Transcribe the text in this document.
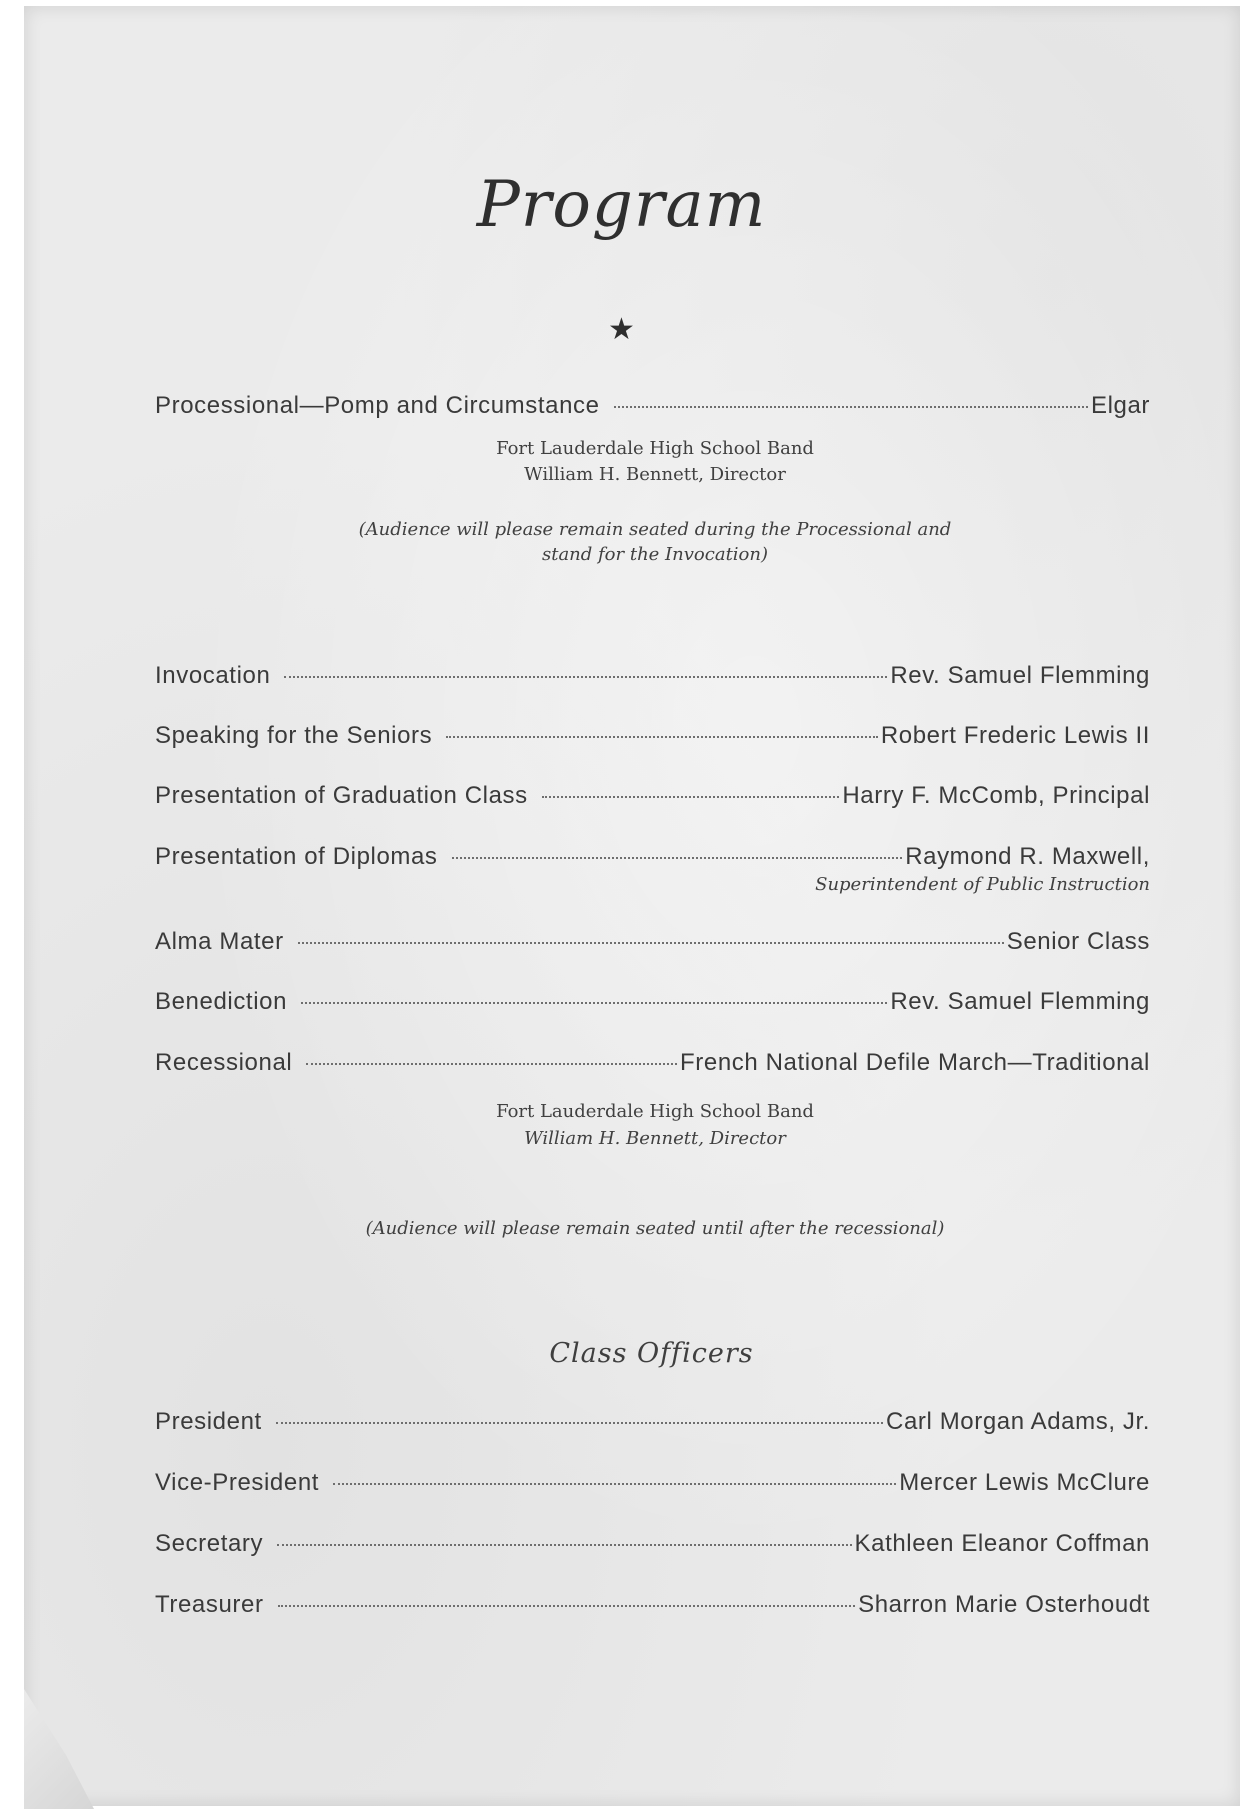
Program
★
Processional—Pomp and Circumstance	Elgar
Fort Lauderdale High School Band
William H. Bennett, Director
(Audience will please remain seated during the Processional and
stand for the Invocation)
Invocation	Rev. Samuel Flemming
Speaking for the Seniors	Robert Frederic Lewis II
Presentation of Graduation Class	Harry F. McComb, Principal
Presentation of Diplomas	Raymond R. Maxwell,
Superintendent of Public Instruction
Alma Mater	Senior Class
Benediction	Rev. Samuel Flemming
Recessional	French National Defile March—Traditional
Fort Lauderdale High School Band
William H. Bennett, Director
(Audience will please remain seated until after the recessional)
Class Officers
President	Carl Morgan Adams, Jr.
Vice-President	Mercer Lewis McClure
Secretary	Kathleen Eleanor Coffman
Treasurer	Sharron Marie Osterhoudt
